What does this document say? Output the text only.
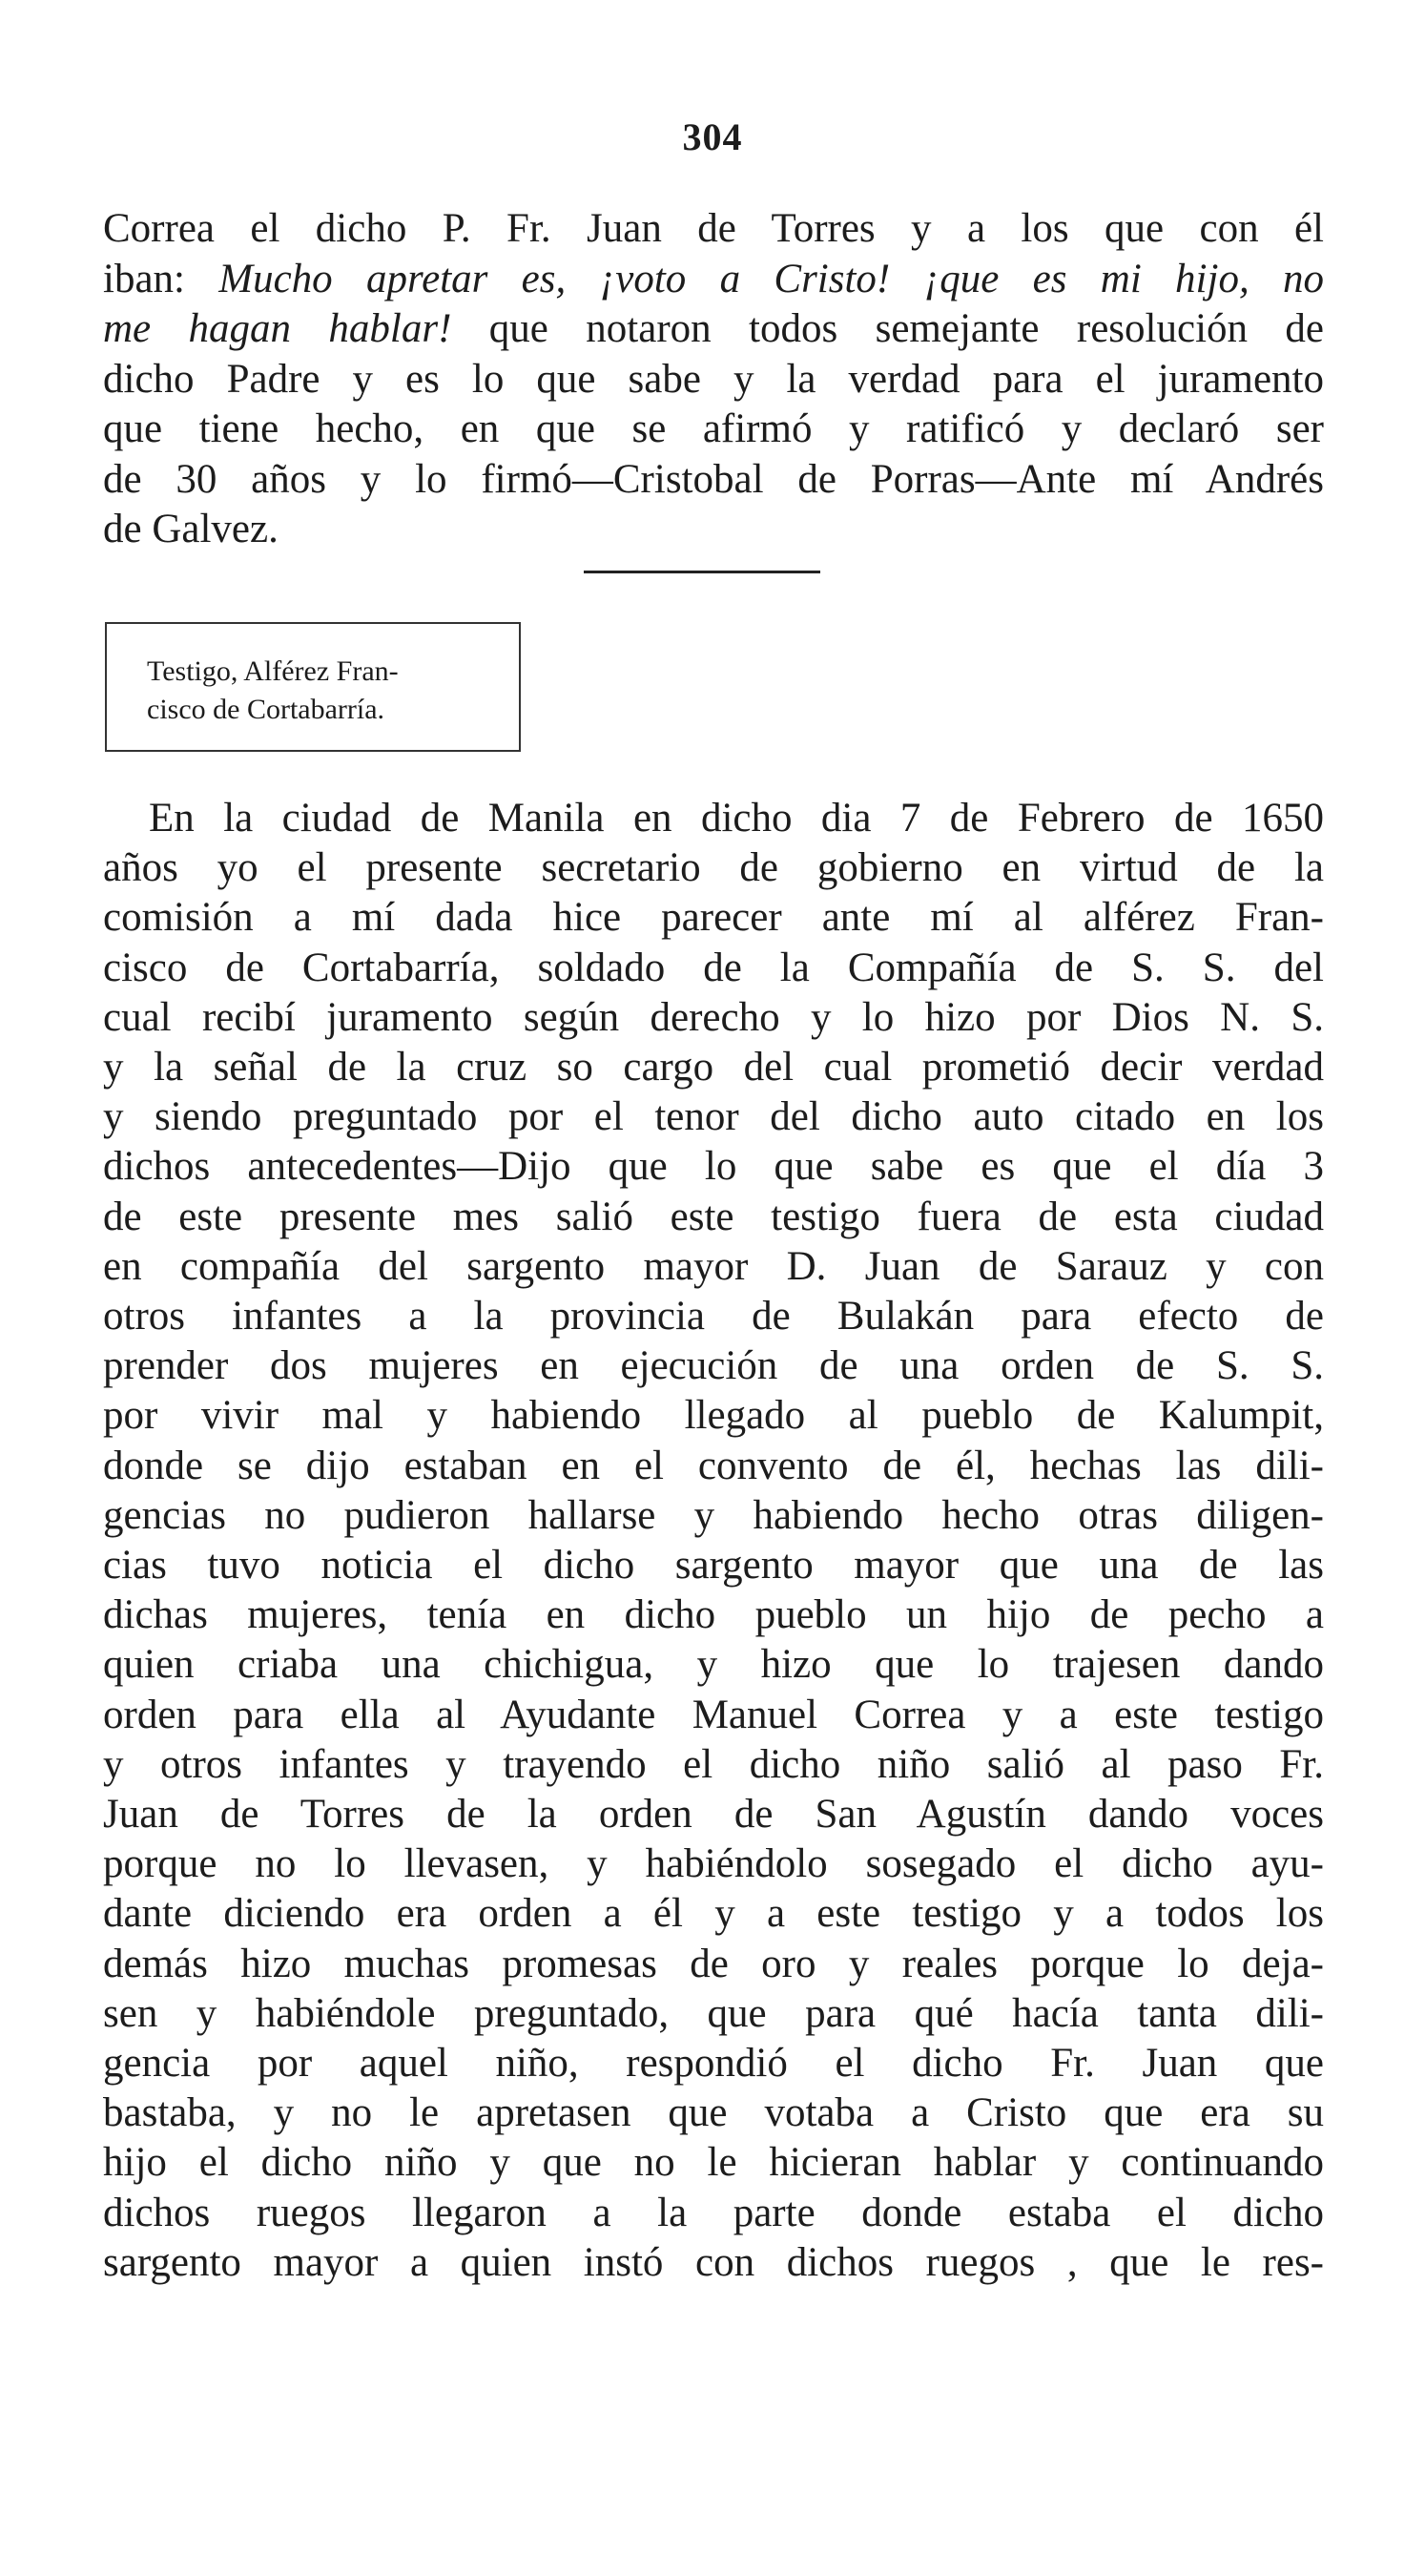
304
Correa el dicho P. Fr. Juan de Torres y a los que con él
iban: Mucho apretar es, ¡voto a Cristo! ¡que es mi hijo, no
me hagan hablar! que notaron todos semejante resolución de
dicho Padre y es lo que sabe y la verdad para el juramento
que tiene hecho, en que se afirmó y ratificó y declaró ser
de 30 años y lo firmó—Cristobal de Porras—Ante mí Andrés
de Galvez.
Testigo, Alférez Fran-
cisco de Cortabarría.
En la ciudad de Manila en dicho dia 7 de Febrero de 1650
años yo el presente secretario de gobierno en virtud de la
comisión a mí dada hice parecer ante mí al alférez Fran-
cisco de Cortabarría, soldado de la Compañía de S. S. del
cual recibí juramento según derecho y lo hizo por Dios N. S.
y la señal de la cruz so cargo del cual prometió decir verdad
y siendo preguntado por el tenor del dicho auto citado en los
dichos antecedentes—Dijo que lo que sabe es que el día 3
de este presente mes salió este testigo fuera de esta ciudad
en compañía del sargento mayor D. Juan de Sarauz y con
otros infantes a la provincia de Bulakán para efecto de
prender dos mujeres en ejecución de una orden de S. S.
por vivir mal y habiendo llegado al pueblo de Kalumpit,
donde se dijo estaban en el convento de él, hechas las dili-
gencias no pudieron hallarse y habiendo hecho otras diligen-
cias tuvo noticia el dicho sargento mayor que una de las
dichas mujeres, tenía en dicho pueblo un hijo de pecho a
quien criaba una chichigua, y hizo que lo trajesen dando
orden para ella al Ayudante Manuel Correa y a este testigo
y otros infantes y trayendo el dicho niño salió al paso Fr.
Juan de Torres de la orden de San Agustín dando voces
porque no lo llevasen, y habiéndolo sosegado el dicho ayu-
dante diciendo era orden a él y a este testigo y a todos los
demás hizo muchas promesas de oro y reales porque lo deja-
sen y habiéndole preguntado, que para qué hacía tanta dili-
gencia por aquel niño, respondió el dicho Fr. Juan que
bastaba, y no le apretasen que votaba a Cristo que era su
hijo el dicho niño y que no le hicieran hablar y continuando
dichos ruegos llegaron a la parte donde estaba el dicho
sargento mayor a quien instó con dichos ruegos , que le res-
